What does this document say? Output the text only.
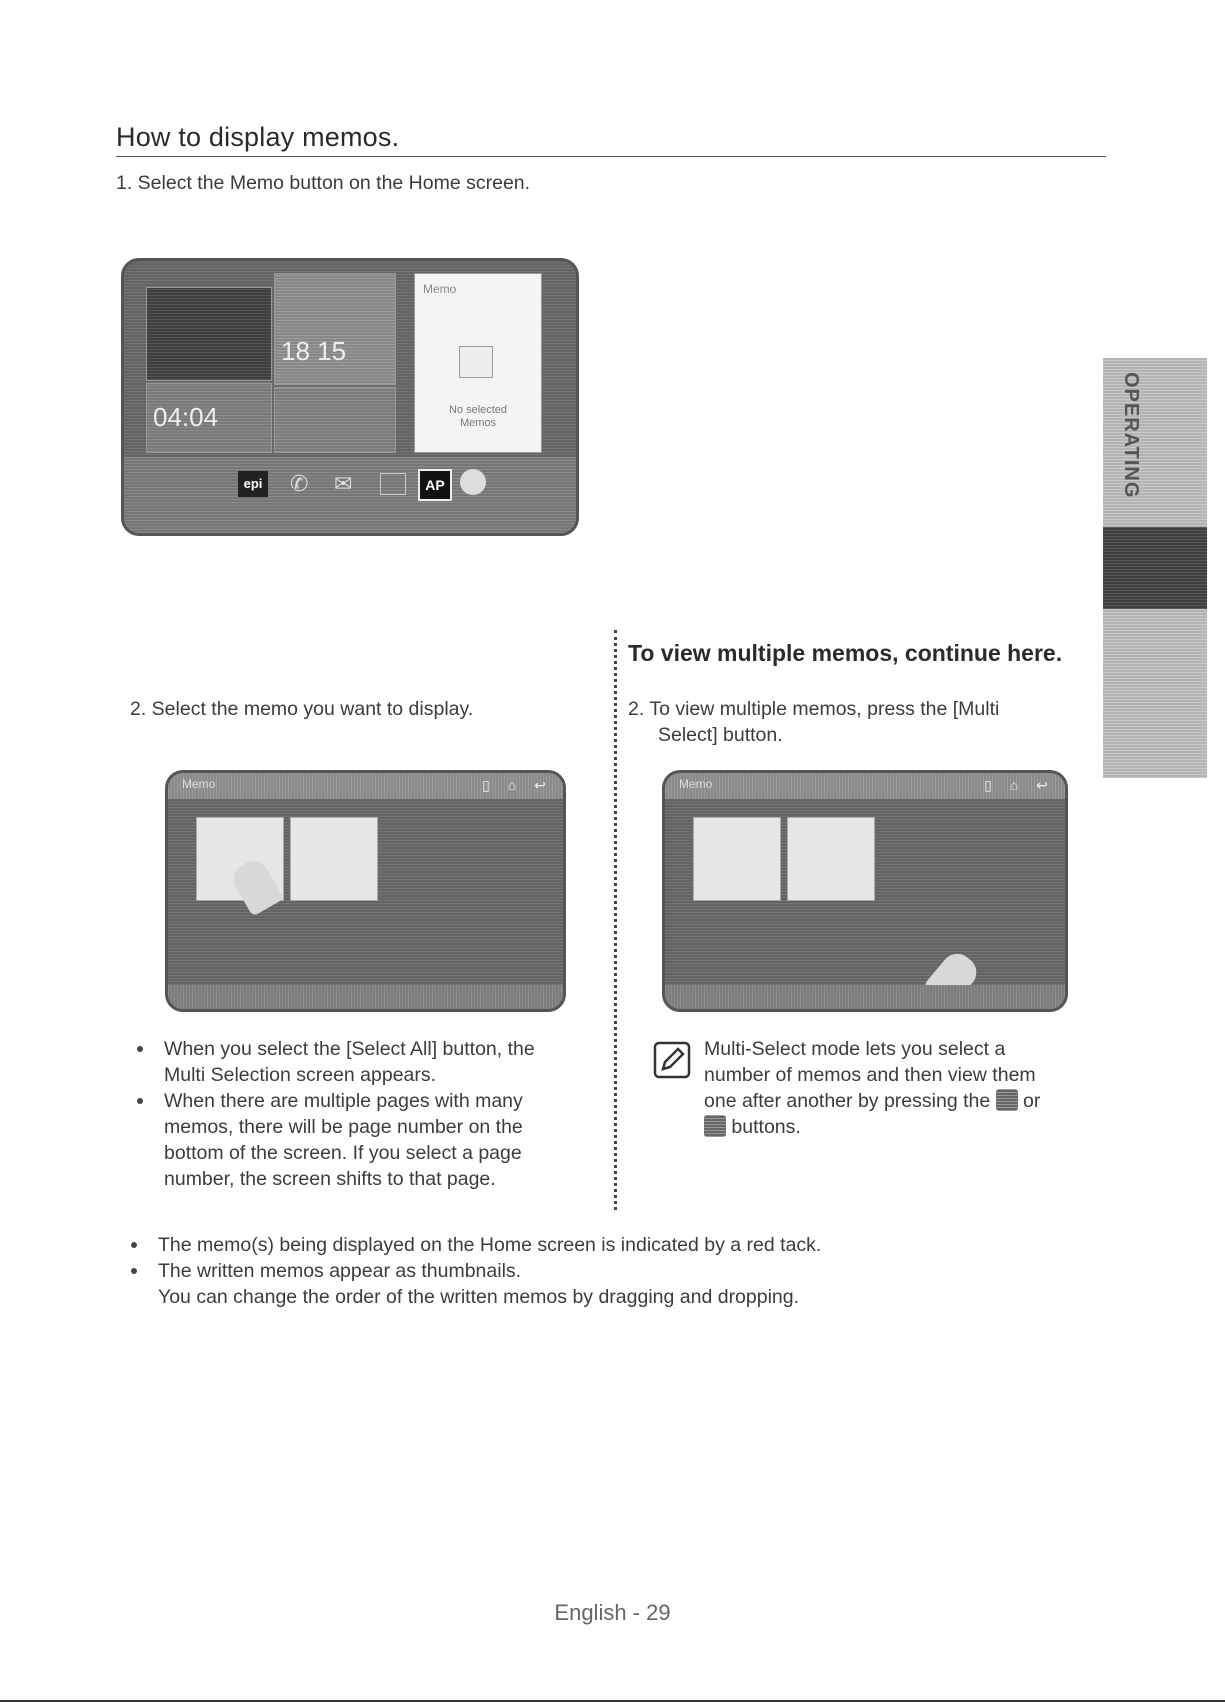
How to display memos.
1. Select the Memo button on the Home screen.
04:04
18 15
Memo
No selected
Memos
epi ✆ ✉	AP	OPERATING
To view multiple memos, continue here.
2. Select the memo you want to display.	2. To view multiple memos, press the [Multi
Select] button.
Memo	▯ ⌂ ↩	Memo	▯ ⌂ ↩
When you select the [Select All] button, the
Multi Selection screen appears.
When there are multiple pages with many
memos, there will be page number on the
bottom of the screen. If you select a page
number, the screen shifts to that page.
Multi-Select mode lets you select a
number of memos and then view them
one after another by pressing the or
buttons.
The memo(s) being displayed on the Home screen is indicated by a red tack.
The written memos appear as thumbnails.
You can change the order of the written memos by dragging and dropping.
English - 29
